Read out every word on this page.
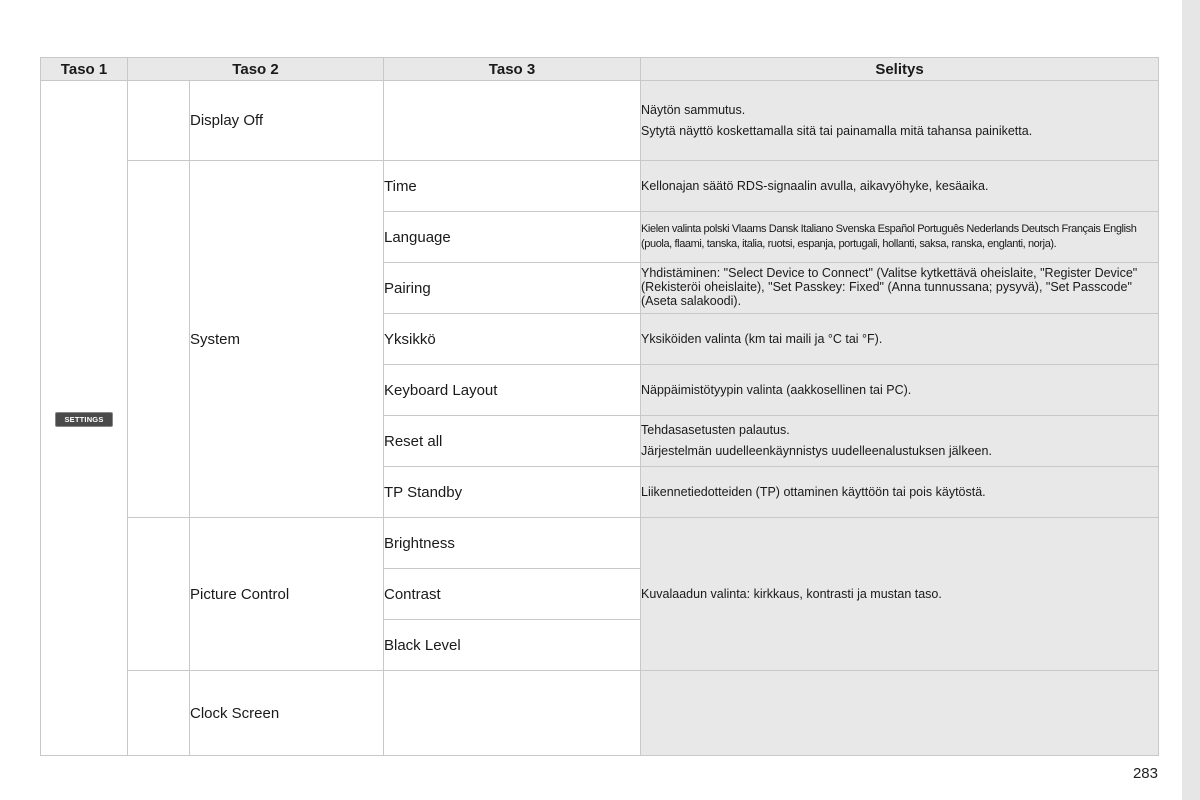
Taso 1	Taso 2		Taso 3	Selitys
SETTINGS		Display Off		Näytön sammutus.

Sytytä näyttö koskettamalla sitä tai painamalla mitä tahansa painiketta.

		System	Time	Kellonajan säätö RDS-signaalin avulla, aikavyöhyke, kesäaika.
			Language	Kielen valinta polski Vlaams Dansk Italiano Svenska Español Português Nederlands Deutsch Français English (puola, flaami, tanska, italia, ruotsi, espanja, portugali, hollanti, saksa, ranska, englanti, norja).
			Pairing	Yhdistäminen: "Select Device to Connect" (Valitse kytkettävä oheislaite, "Register Device" (Rekisteröi oheislaite), "Set Passkey: Fixed" (Anna tunnussana; pysyvä), "Set Passcode" (Aseta salakoodi).
			Yksikkö	Yksiköiden valinta (km tai maili ja °C tai °F).
			Keyboard Layout	Näppäimistötyypin valinta (aakkosellinen tai PC).
			Reset all	Tehdasasetusten palautus.

Järjestelmän uudelleenkäynnistys uudelleenalustuksen jälkeen.

			TP Standby	Liikennetiedotteiden (TP) ottaminen käyttöön tai pois käytöstä.
		Picture Control	Brightness	Kuvalaadun valinta: kirkkaus, kontrasti ja mustan taso.
			Contrast	
			Black Level	
		Clock Screen		
283
